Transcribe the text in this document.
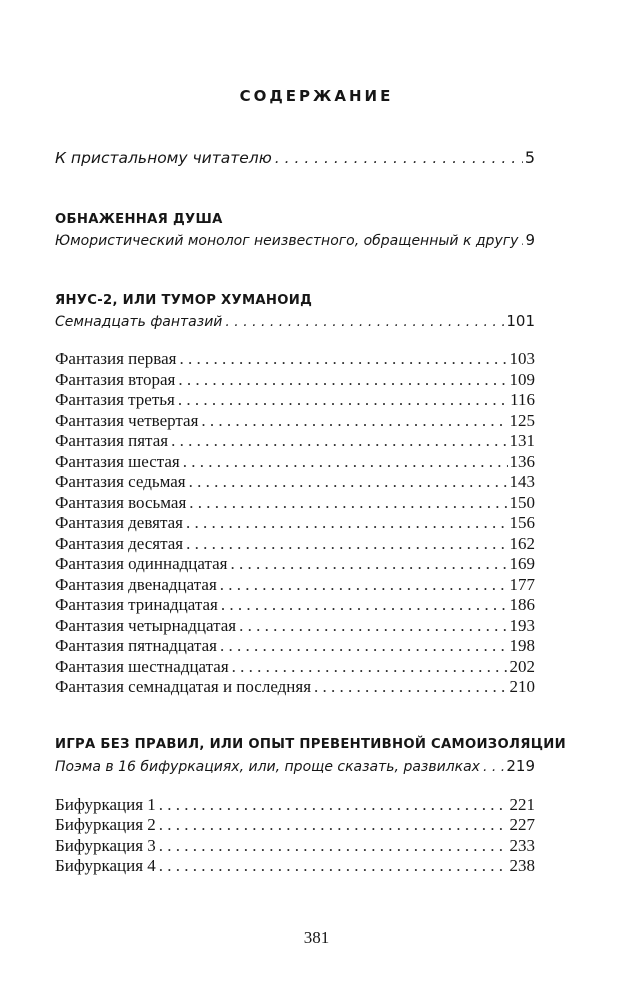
СОДЕРЖАНИЕ
К пристальному читателю . . .	5
ОБНАЖЕННАЯ ДУША
Юмористический монолог неизвестного, обращенный к другу . . . 9
ЯНУС-2, ИЛИ ТУМОР ХУМАНОИД
Семнадцать фантазий . . .	101
Фантазия первая . . .	103
Фантазия вторая . . .	109
Фантазия третья . . .	116
Фантазия четвертая . . .	125
Фантазия пятая . . .	131
Фантазия шестая . . .	136
Фантазия седьмая . . .	143
Фантазия восьмая . . .	150
Фантазия девятая . . .	156
Фантазия десятая . . .	162
Фантазия одиннадцатая . . .	169
Фантазия двенадцатая . . .	177
Фантазия тринадцатая . . .	186
Фантазия четырнадцатая . . .	193
Фантазия пятнадцатая . . .	198
Фантазия шестнадцатая . . .	202
Фантазия семнадцатая и последняя . . .	210
ИГРА БЕЗ ПРАВИЛ, ИЛИ ОПЫТ ПРЕВЕНТИВНОЙ САМОИЗОЛЯЦИИ
Поэма в 16 бифуркациях, или, проще сказать, развилках . . . 219
Бифуркация 1 . . .	221
Бифуркация 2 . . .	227
Бифуркация 3 . . .	233
Бифуркация 4 . . .	238
381
